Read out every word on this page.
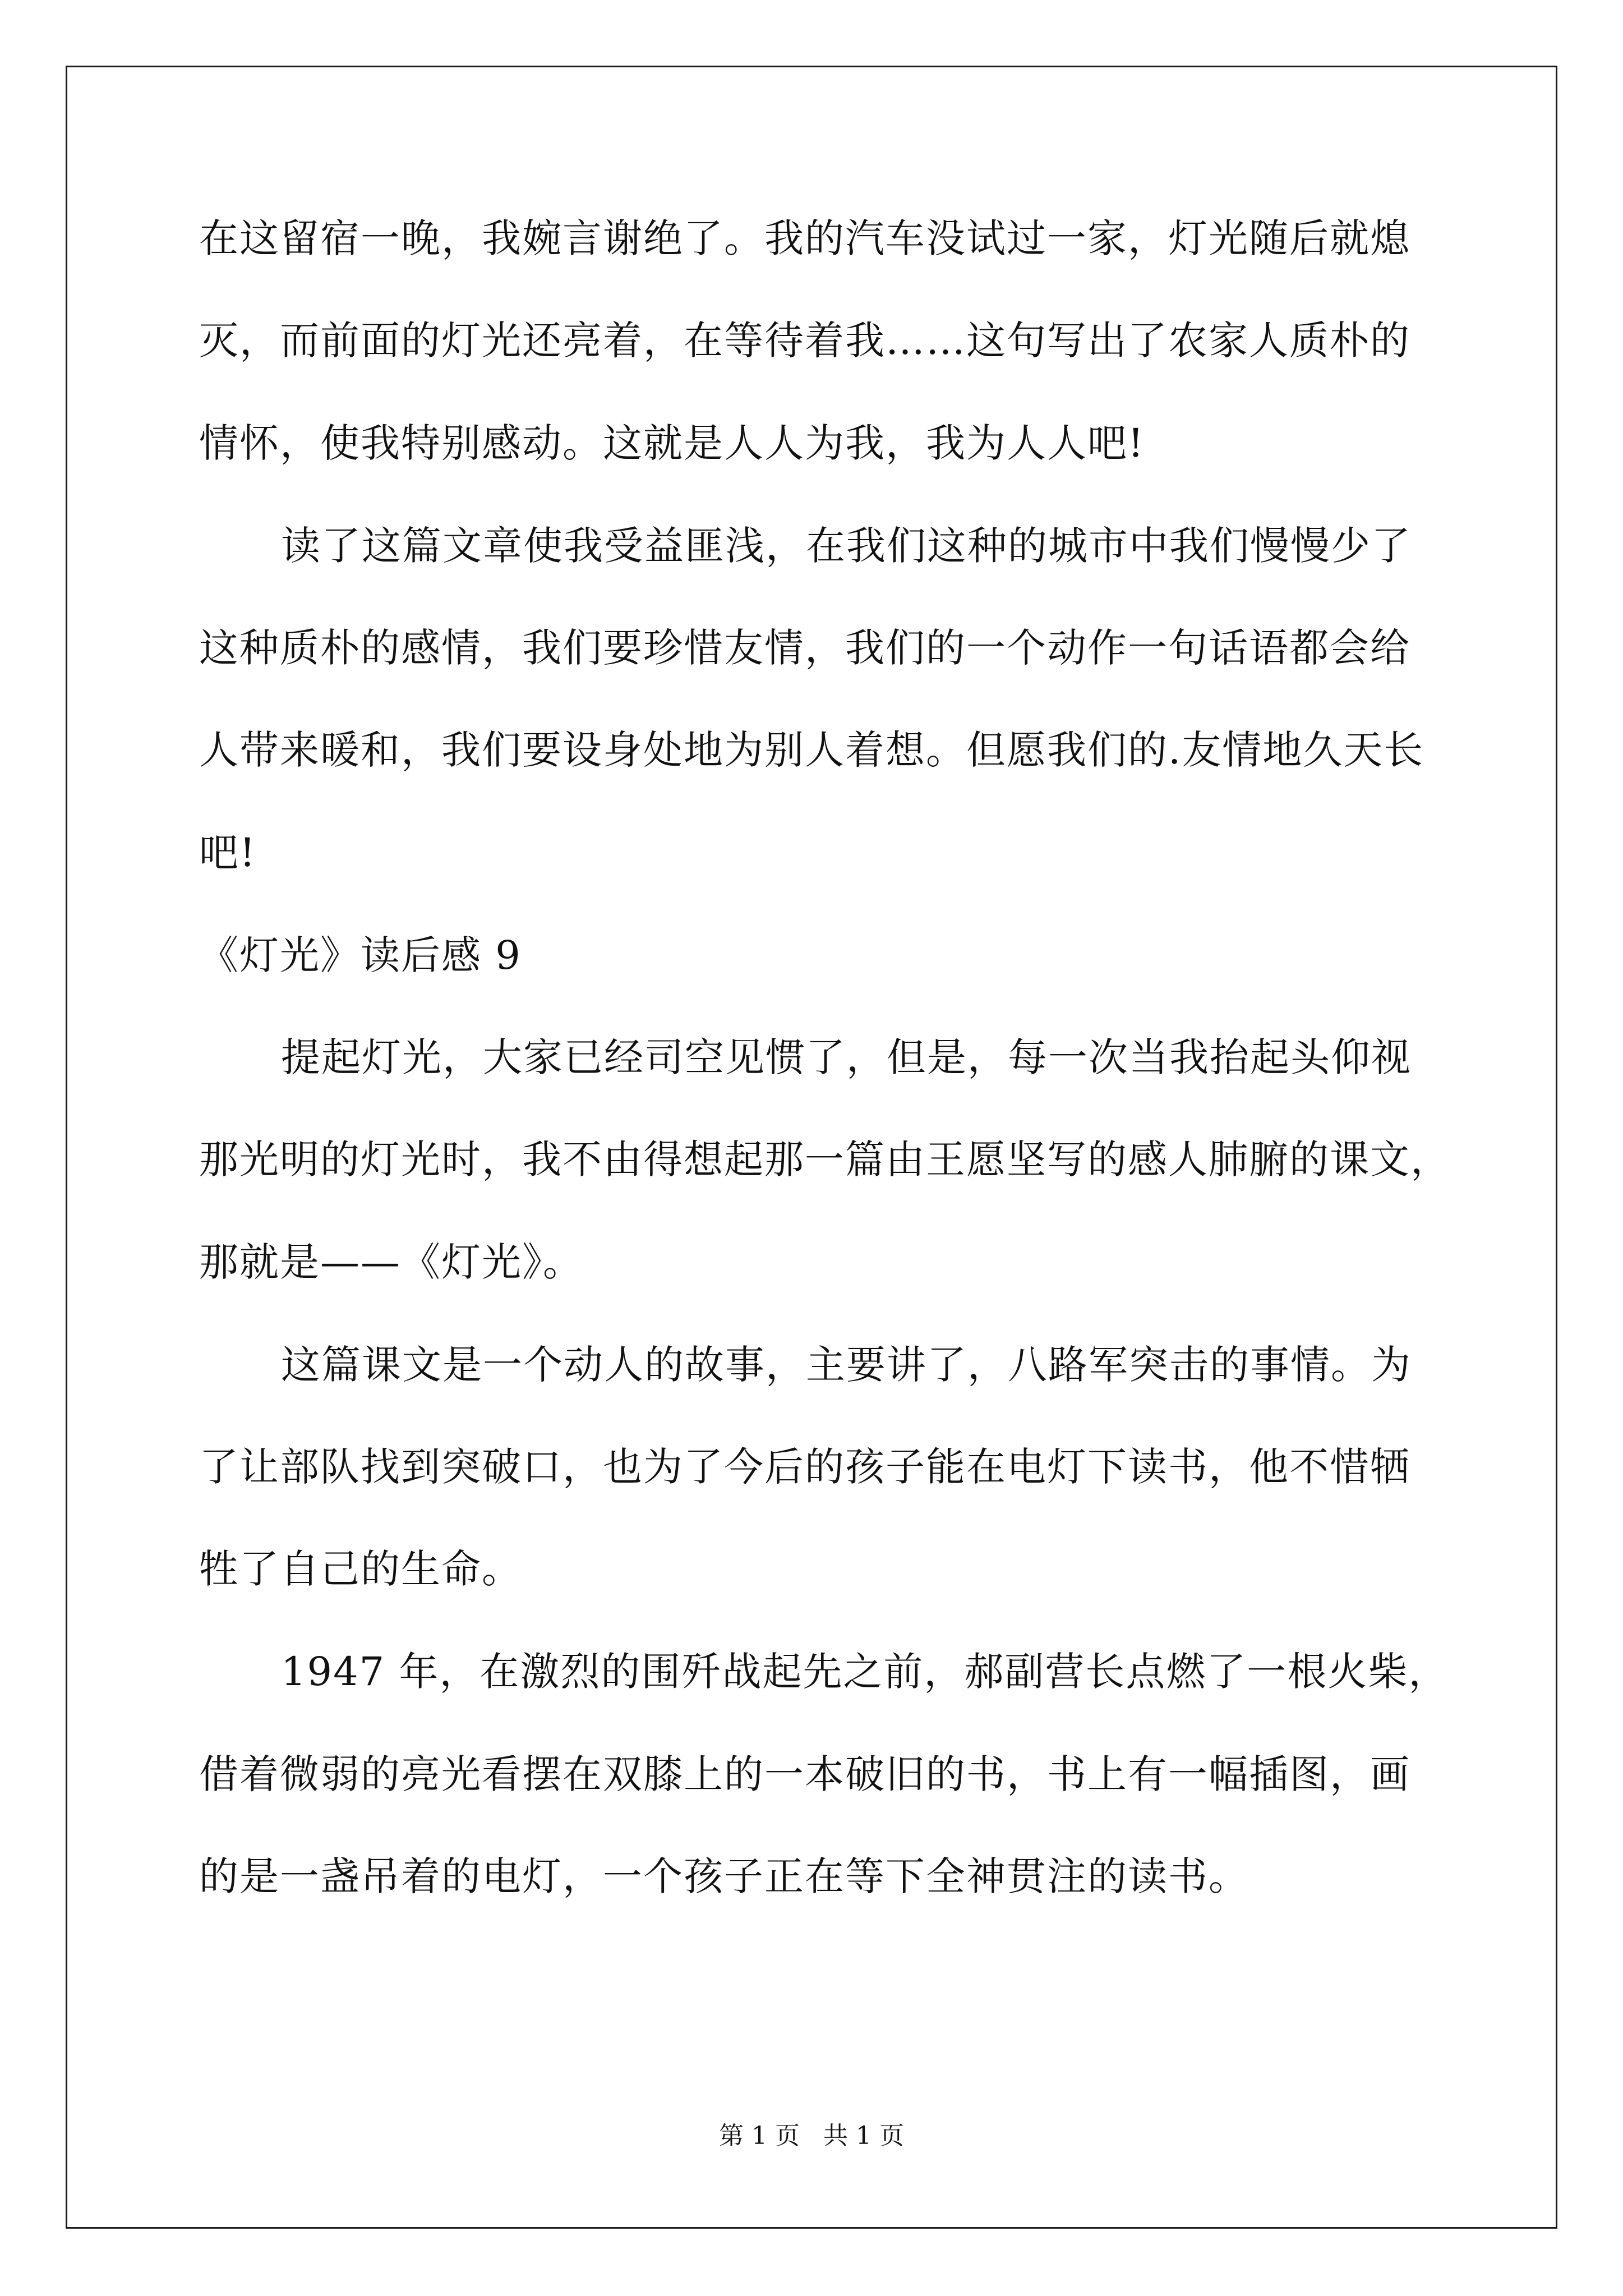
在这留宿一晚，我婉言谢绝了。我的汽车没试过一家，灯光随后就熄
灭，而前面的灯光还亮着，在等待着我……这句写出了农家人质朴的
情怀，使我特别感动。这就是人人为我，我为人人吧!
读了这篇文章使我受益匪浅，在我们这种的城市中我们慢慢少了
这种质朴的感情，我们要珍惜友情，我们的一个动作一句话语都会给
人带来暖和，我们要设身处地为别人着想。但愿我们的.友情地久天长
吧!
《灯光》读后感 9
提起灯光，大家已经司空见惯了，但是，每一次当我抬起头仰视
那光明的灯光时，我不由得想起那一篇由王愿坚写的感人肺腑的课文，
那就是——《灯光》。
这篇课文是一个动人的故事，主要讲了，八路军突击的事情。为
了让部队找到突破口，也为了今后的孩子能在电灯下读书，他不惜牺
牲了自己的生命。
1947 年，在激烈的围歼战起先之前，郝副营长点燃了一根火柴，
借着微弱的亮光看摆在双膝上的一本破旧的书，书上有一幅插图，画
的是一盏吊着的电灯，一个孩子正在等下全神贯注的读书。
第 1 页   共 1 页
